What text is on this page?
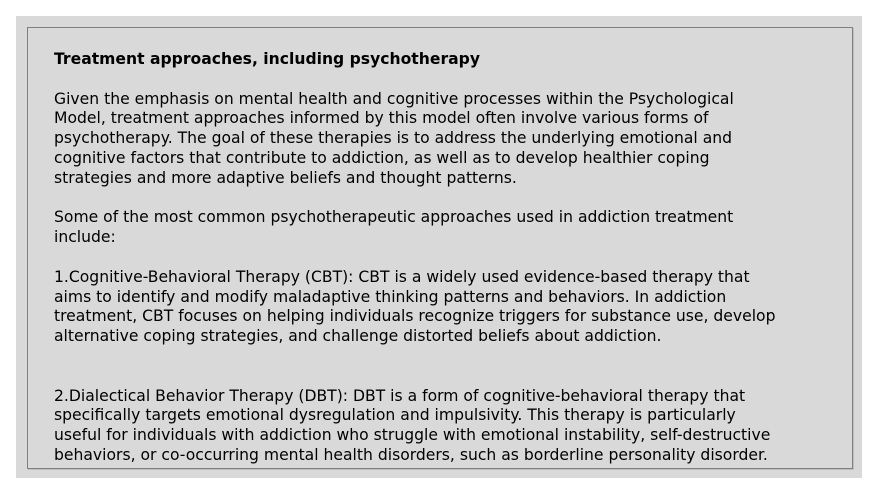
Treatment approaches, including psychotherapy
Given the emphasis on mental health and cognitive processes within the Psychological
Model, treatment approaches informed by this model often involve various forms of
psychotherapy. The goal of these therapies is to address the underlying emotional and
cognitive factors that contribute to addiction, as well as to develop healthier coping
strategies and more adaptive beliefs and thought patterns.
Some of the most common psychotherapeutic approaches used in addiction treatment
include:
1.Cognitive-Behavioral Therapy (CBT): CBT is a widely used evidence-based therapy that
aims to identify and modify maladaptive thinking patterns and behaviors. In addiction
treatment, CBT focuses on helping individuals recognize triggers for substance use, develop
alternative coping strategies, and challenge distorted beliefs about addiction.
2.Dialectical Behavior Therapy (DBT): DBT is a form of cognitive-behavioral therapy that
specifically targets emotional dysregulation and impulsivity. This therapy is particularly
useful for individuals with addiction who struggle with emotional instability, self-destructive
behaviors, or co-occurring mental health disorders, such as borderline personality disorder.
